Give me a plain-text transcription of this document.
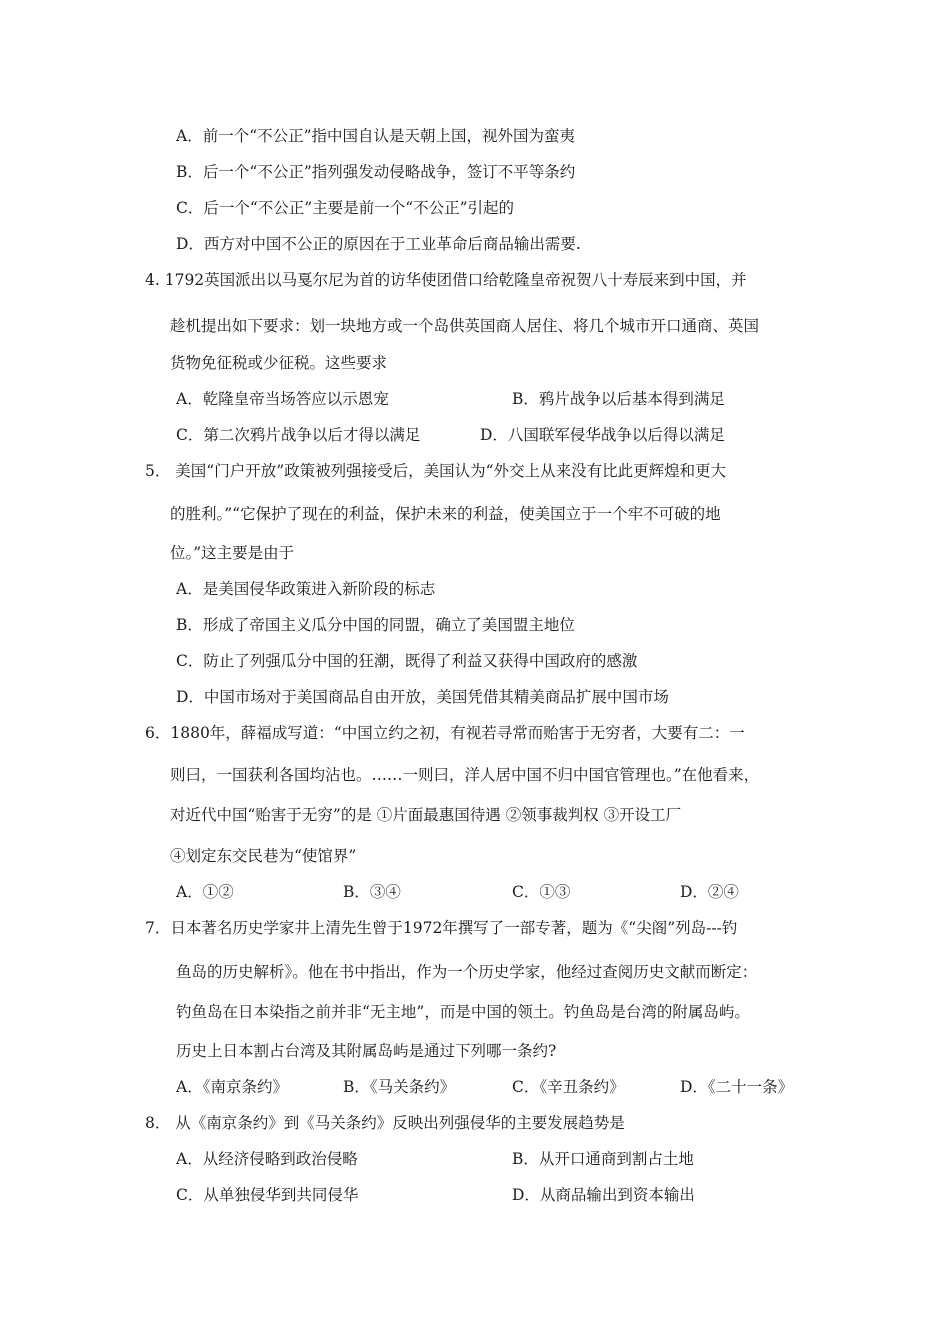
A．前一个“不公正”指中国自认是天朝上国，视外国为蛮夷
B．后一个“不公正”指列强发动侵略战争，签订不平等条约
C．后一个“不公正”主要是前一个“不公正”引起的
D．西方对中国不公正的原因在于工业革命后商品输出需要.
4. 1792英国派出以马戛尔尼为首的访华使团借口给乾隆皇帝祝贺八十寿辰来到中国，并
趁机提出如下要求：划一块地方或一个岛供英国商人居住、将几个城市开口通商、英国
货物免征税或少征税。这些要求
A．乾隆皇帝当场答应以示恩宠	B．鸦片战争以后基本得到满足
C．第二次鸦片战争以后才得以满足	D．八国联军侵华战争以后得以满足
5． 美国“门户开放”政策被列强接受后，美国认为“外交上从来没有比此更辉煌和更大
的胜利。”“它保护了现在的利益，保护未来的利益，使美国立于一个牢不可破的地
位。”这主要是由于
A．是美国侵华政策进入新阶段的标志
B．形成了帝国主义瓜分中国的同盟，确立了美国盟主地位
C．防止了列强瓜分中国的狂潮，既得了利益又获得中国政府的感激
D．中国市场对于美国商品自由开放，美国凭借其精美商品扩展中国市场
6．1880年，薛福成写道：“中国立约之初，有视若寻常而贻害于无穷者，大要有二：一
则曰，一国获利各国均沾也。……一则曰，洋人居中国不归中国官管理也。”在他看来，
对近代中国“贻害于无穷”的是 ①片面最惠国待遇 ②领事裁判权 ③开设工厂
④划定东交民巷为“使馆界”
A．①②	B．③④	C．①③	D．②④
7．日本著名历史学家井上清先生曾于1972年撰写了一部专著，题为《“尖阁”列岛---钓
鱼岛的历史解析》。他在书中指出，作为一个历史学家，他经过查阅历史文献而断定：
钓鱼岛在日本染指之前并非“无主地”，而是中国的领土。钓鱼岛是台湾的附属岛屿。
历史上日本割占台湾及其附属岛屿是通过下列哪一条约?
A．《南京条约》	B．《马关条约》	C．《辛丑条约》	D．《二十一条》
8． 从《南京条约》到《马关条约》反映出列强侵华的主要发展趋势是
A．从经济侵略到政治侵略	B．从开口通商到割占土地
C．从单独侵华到共同侵华	D．从商品输出到资本输出
